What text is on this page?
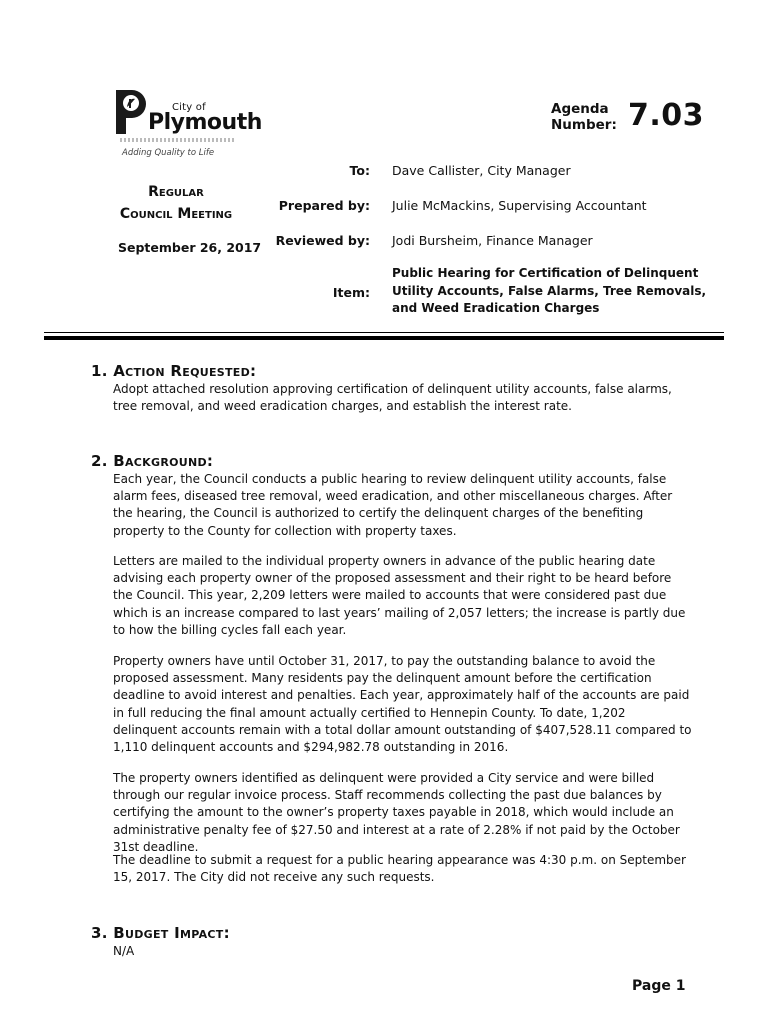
City of
Plymouth
Adding Quality to Life
Agenda
Number: 7.03
Regular
Council Meeting
September 26, 2017
To: Dave Callister, City Manager
Prepared by: Julie McMackins, Supervising Accountant
Reviewed by: Jodi Bursheim, Finance Manager
Item:
Public Hearing for Certification of Delinquent Utility Accounts, False Alarms, Tree Removals, and Weed Eradication Charges
1. Action Requested:

Adopt attached resolution approving certification of delinquent utility accounts, false alarms, tree removal, and weed eradication charges, and establish the interest rate.

2. Background:

Each year, the Council conducts a public hearing to review delinquent utility accounts, false alarm fees, diseased tree removal, weed eradication, and other miscellaneous charges. After the hearing, the Council is authorized to certify the delinquent charges of the benefiting property to the County for collection with property taxes.

Letters are mailed to the individual property owners in advance of the public hearing date advising each property owner of the proposed assessment and their right to be heard before the Council. This year, 2,209 letters were mailed to accounts that were considered past due which is an increase compared to last years’ mailing of 2,057 letters; the increase is partly due to how the billing cycles fall each year.

Property owners have until October 31, 2017, to pay the outstanding balance to avoid the proposed assessment. Many residents pay the delinquent amount before the certification deadline to avoid interest and penalties. Each year, approximately half of the accounts are paid in full reducing the final amount actually certified to Hennepin County. To date, 1,202 delinquent accounts remain with a total dollar amount outstanding of $407,528.11 compared to 1,110 delinquent accounts and $294,982.78 outstanding in 2016.

The property owners identified as delinquent were provided a City service and were billed through our regular invoice process. Staff recommends collecting the past due balances by certifying the amount to the owner’s property taxes payable in 2018, which would include an administrative penalty fee of $27.50 and interest at a rate of 2.28% if not paid by the October 31st deadline.

The deadline to submit a request for a public hearing appearance was 4:30 p.m. on September 15, 2017. The City did not receive any such requests.

3. Budget Impact:

N/A

Page 1
